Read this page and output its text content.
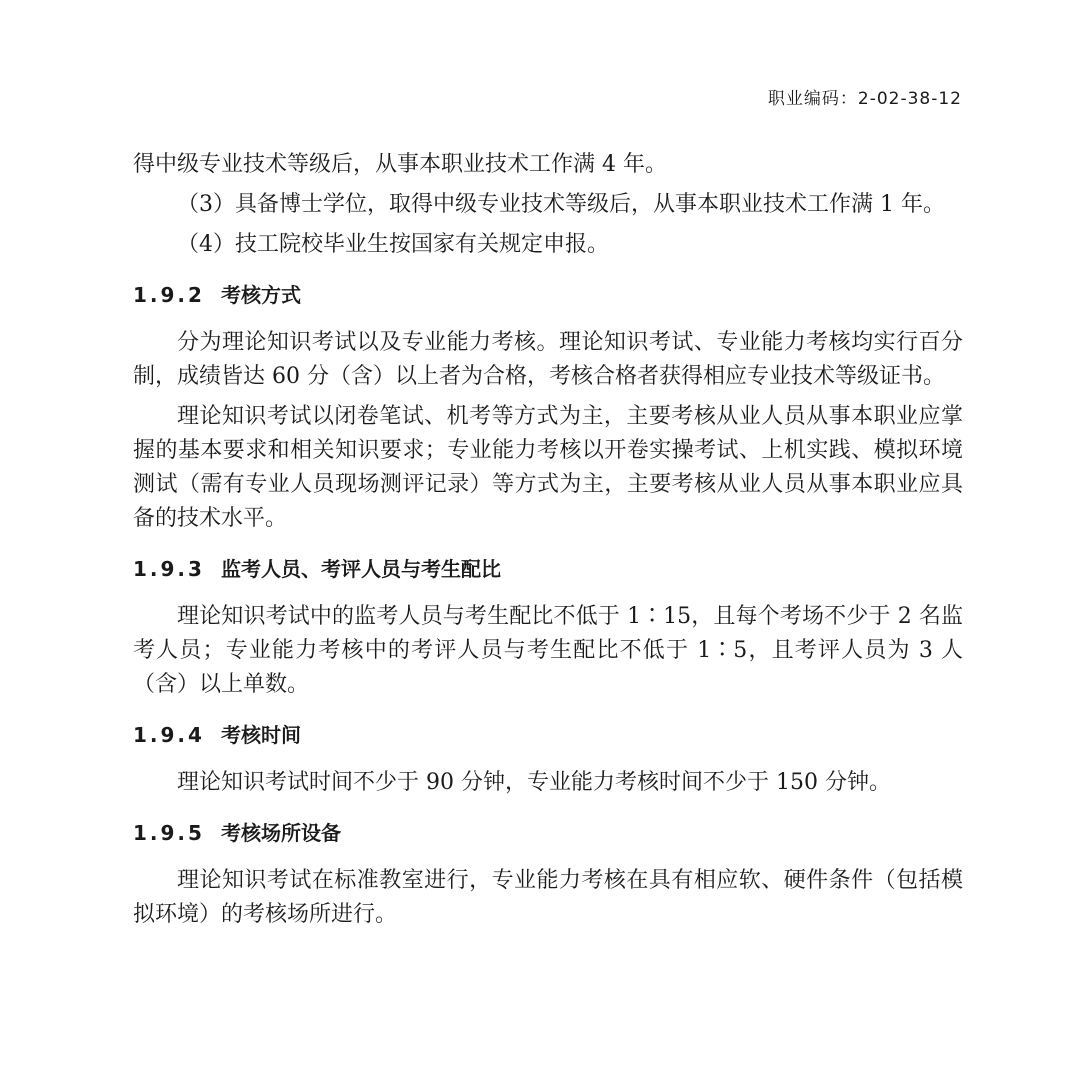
职业编码：2-02-38-12

得中级专业技术等级后，从事本职业技术工作满 4 年。

（3）具备博士学位，取得中级专业技术等级后，从事本职业技术工作满 1 年。

（4）技工院校毕业生按国家有关规定申报。

1.9.2 考核方式

分为理论知识考试以及专业能力考核。理论知识考试、专业能力考核均实行百分制，成绩皆达 60 分（含）以上者为合格，考核合格者获得相应专业技术等级证书。

理论知识考试以闭卷笔试、机考等方式为主，主要考核从业人员从事本职业应掌握的基本要求和相关知识要求；专业能力考核以开卷实操考试、上机实践、模拟环境测试（需有专业人员现场测评记录）等方式为主，主要考核从业人员从事本职业应具备的技术水平。

1.9.3 监考人员、考评人员与考生配比

理论知识考试中的监考人员与考生配比不低于 1∶15，且每个考场不少于 2 名监考人员；专业能力考核中的考评人员与考生配比不低于 1∶5，且考评人员为 3 人（含）以上单数。

1.9.4 考核时间

理论知识考试时间不少于 90 分钟，专业能力考核时间不少于 150 分钟。

1.9.5 考核场所设备

理论知识考试在标准教室进行，专业能力考核在具有相应软、硬件条件（包括模拟环境）的考核场所进行。
